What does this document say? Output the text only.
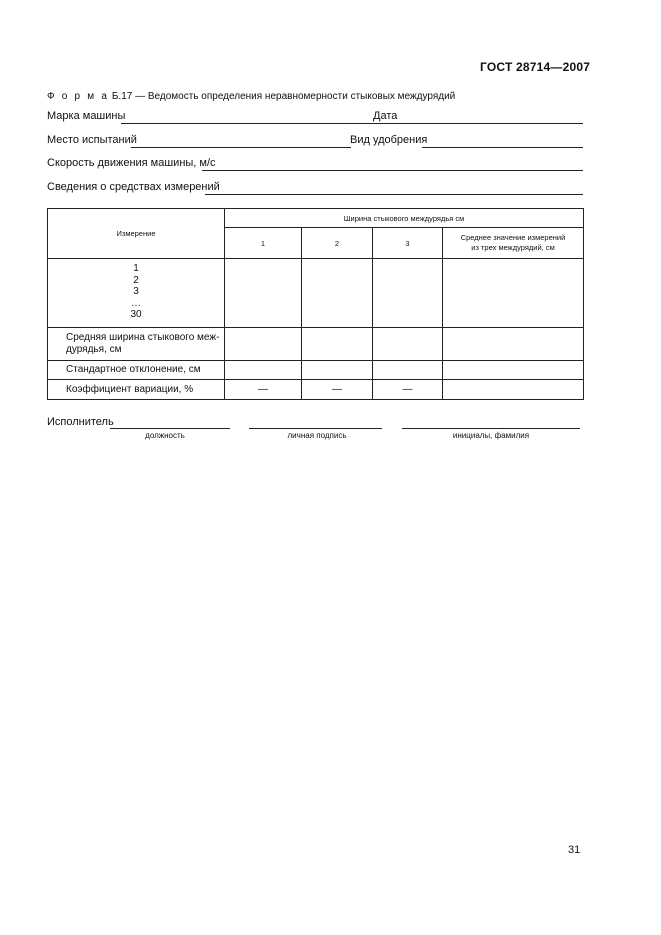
ГОСТ 28714—2007
Ф о р м а Б.17 — Ведомость определения неравномерности стыковых междурядий
Марка машины	Дата
Место испытаний	Вид удобрения
Скорость движения машины, м/с
Сведения о средствах измерений
Измерение	Ширина стыкового междурядья см			
	1	2	3	Среднее значение измерений
из трех междурядий, см

1
2
3
…
30				

Средняя ширина стыкового меж-
дурядья, см				

Стандартное отклонение, см				
Коэффициент вариации, %	—	—	—	
Исполнитель
должность	личная подпись	инициалы, фамилия
31
